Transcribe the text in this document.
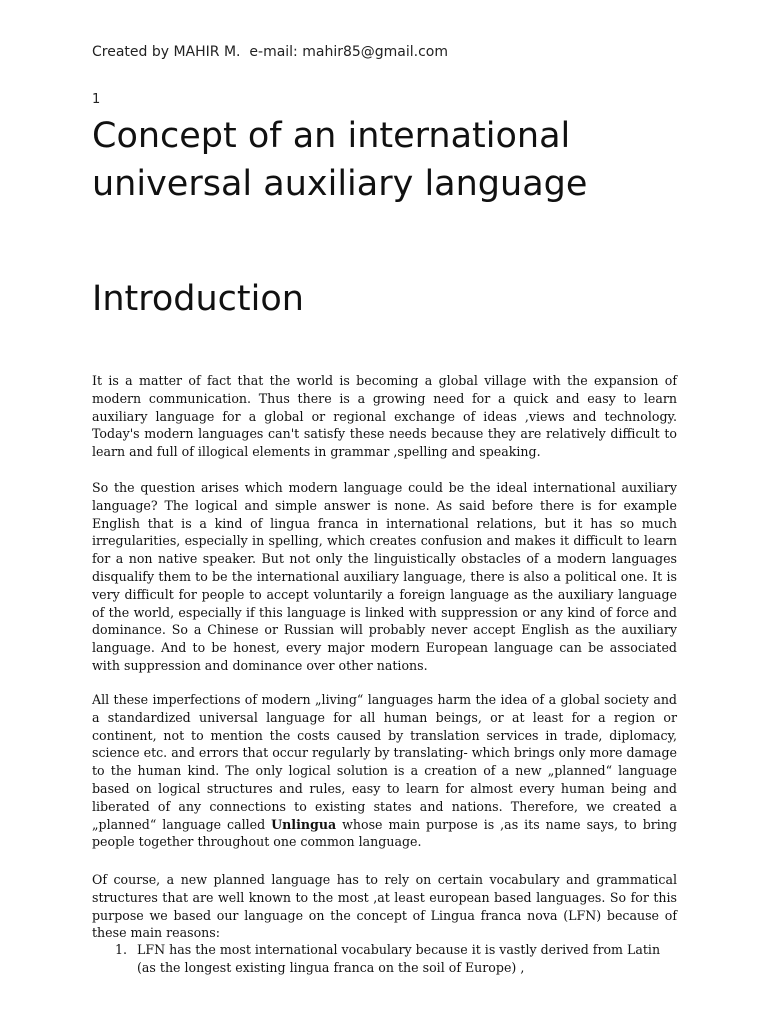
Created by MAHIR M.  e-mail: mahir85@gmail.com
1
Concept of an international universal auxiliary language
Introduction

It is a matter of fact that the world is becoming a global village with the expansion of modern communication. Thus there is a growing need for a quick and easy to learn auxiliary language for a global or regional exchange of ideas ,views and technology. Today's modern languages can't satisfy these needs because they are relatively difficult to learn and full of illogical elements in grammar ,spelling and speaking.

So the question arises which modern language could be the ideal international auxiliary language? The logical and simple answer is none. As said before there is for example English that is a kind of lingua franca in international relations, but it has so much irregularities, especially in spelling, which creates confusion and makes it difficult to learn for a non native speaker. But not only the linguistically obstacles of a modern languages disqualify them to be the international auxiliary language, there is also a political one. It is very difficult for people to accept voluntarily a foreign language as the auxiliary language of the world, especially if this language is linked with suppression or any kind of force and dominance. So a Chinese or Russian will probably never accept English as the auxiliary language. And to be honest, every major modern European language can be associated with suppression and dominance over other nations.

All these imperfections of modern „living“ languages harm the idea of a global society and a standardized universal language for all human beings, or at least for a region or continent, not to mention the costs caused by translation services in trade, diplomacy, science etc. and errors that occur regularly by translating- which brings only more damage to the human kind. The only logical solution is a creation of a new „planned“ language based on logical structures and rules, easy to learn for almost every human being and liberated of any connections to existing states and nations. Therefore, we created a „planned“ language called Unlingua whose main purpose is ,as its name says, to bring people together throughout one common language.

Of course, a new planned language has to rely on certain vocabulary and grammatical structures that are well known to the most ,at least european based languages. So for this purpose we based our language on the concept of Lingua franca nova (LFN) because of these main reasons:

1. LFN has the most international vocabulary because it is vastly derived from Latin (as the longest existing lingua franca on the soil of Europe) ,
